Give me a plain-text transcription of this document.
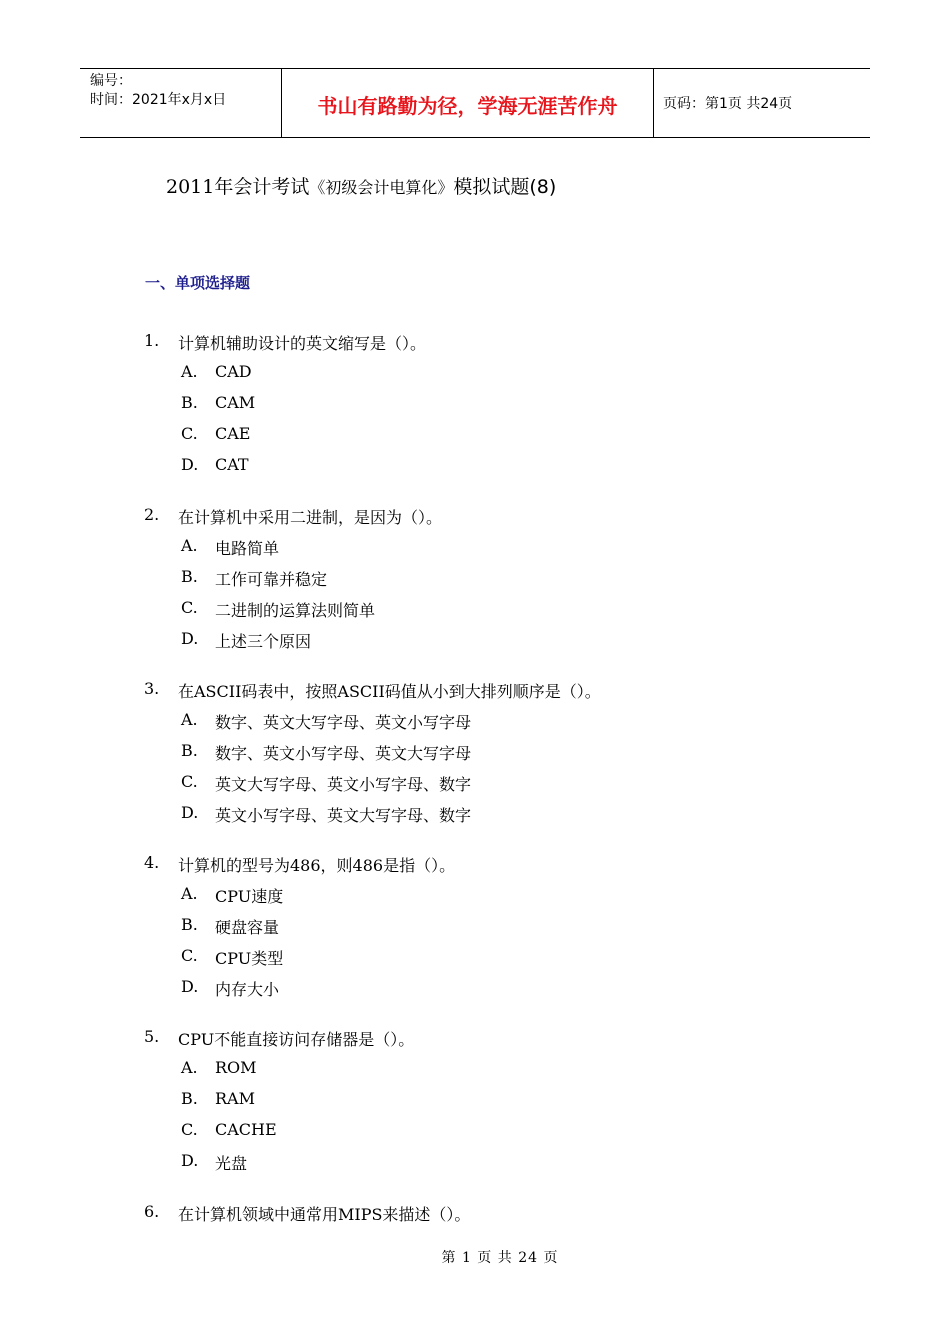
编号：
时间：2021年x月x日	书山有路勤为径，学海无涯苦作舟	页码：第1页 共24页
2011年会计考试《初级会计电算化》模拟试题(8)
一、单项选择题
1. 计算机辅助设计的英文缩写是（）。
A. CAD
B. CAM
C. CAE
D. CAT
2. 在计算机中采用二进制，是因为（）。
A. 电路简单
B. 工作可靠并稳定
C. 二进制的运算法则简单
D. 上述三个原因
3. 在ASCII码表中，按照ASCII码值从小到大排列顺序是（）。
A. 数字、英文大写字母、英文小写字母
B. 数字、英文小写字母、英文大写字母
C. 英文大写字母、英文小写字母、数字
D. 英文小写字母、英文大写字母、数字
4. 计算机的型号为486，则486是指（）。
A. CPU速度
B. 硬盘容量
C. CPU类型
D. 内存大小
5. CPU不能直接访问存储器是（）。
A. ROM
B. RAM
C. CACHE
D. 光盘
6. 在计算机领域中通常用MIPS来描述（）。
第 1 页 共 24 页
